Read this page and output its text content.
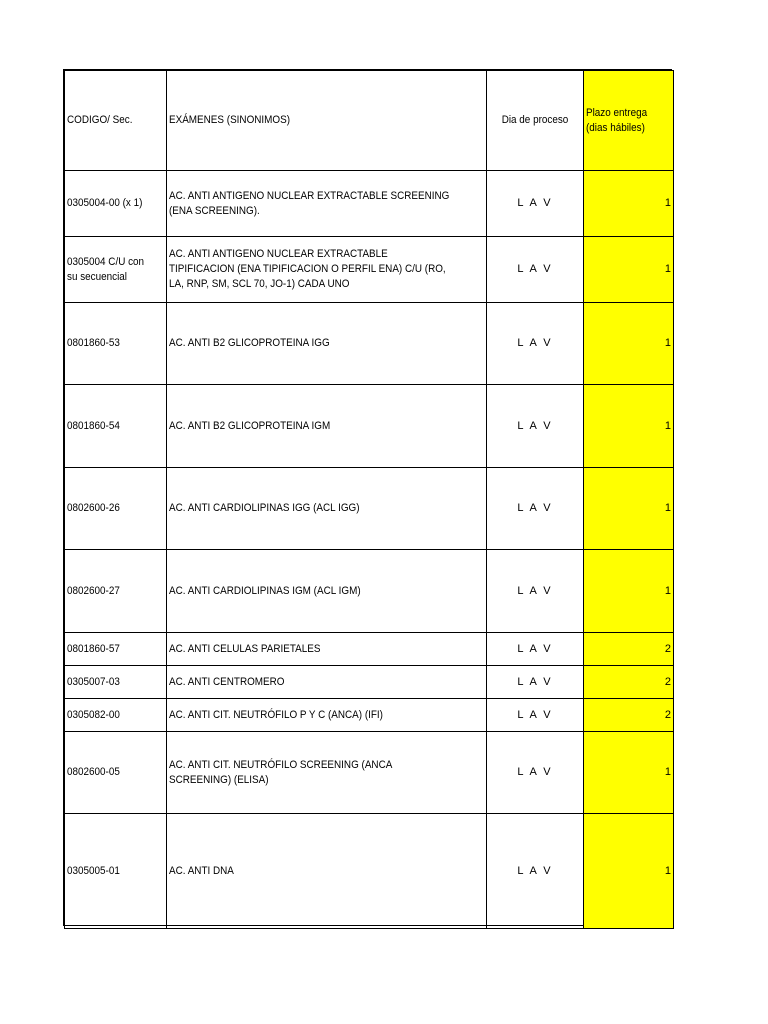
CODIGO/ Sec.	EXÁMENES (SINONIMOS)	Dia de proceso	Plazo entrega
(dias hábiles)
0305004-00 (x 1)	AC. ANTI ANTIGENO NUCLEAR EXTRACTABLE SCREENING (ENA SCREENING).	L A V	1
0305004 C/U con su secuencial	AC. ANTI ANTIGENO NUCLEAR EXTRACTABLE TIPIFICACION (ENA TIPIFICACION O PERFIL ENA) C/U (RO, LA, RNP, SM, SCL 70, JO-1) CADA UNO	L A V	1
0801860-53	AC. ANTI B2 GLICOPROTEINA IGG	L A V	1
0801860-54	AC. ANTI B2 GLICOPROTEINA IGM	L A V	1
0802600-26	AC. ANTI CARDIOLIPINAS IGG (ACL IGG)	L A V	1
0802600-27	AC. ANTI CARDIOLIPINAS IGM (ACL IGM)	L A V	1
0801860-57	AC. ANTI CELULAS PARIETALES	L A V	2
0305007-03	AC. ANTI CENTROMERO	L A V	2
0305082-00	AC. ANTI CIT. NEUTRÓFILO P Y C (ANCA) (IFI)	L A V	2
0802600-05	AC. ANTI CIT. NEUTRÓFILO SCREENING (ANCA SCREENING) (ELISA)	L A V	1
0305005-01	AC. ANTI DNA	L A V	1
